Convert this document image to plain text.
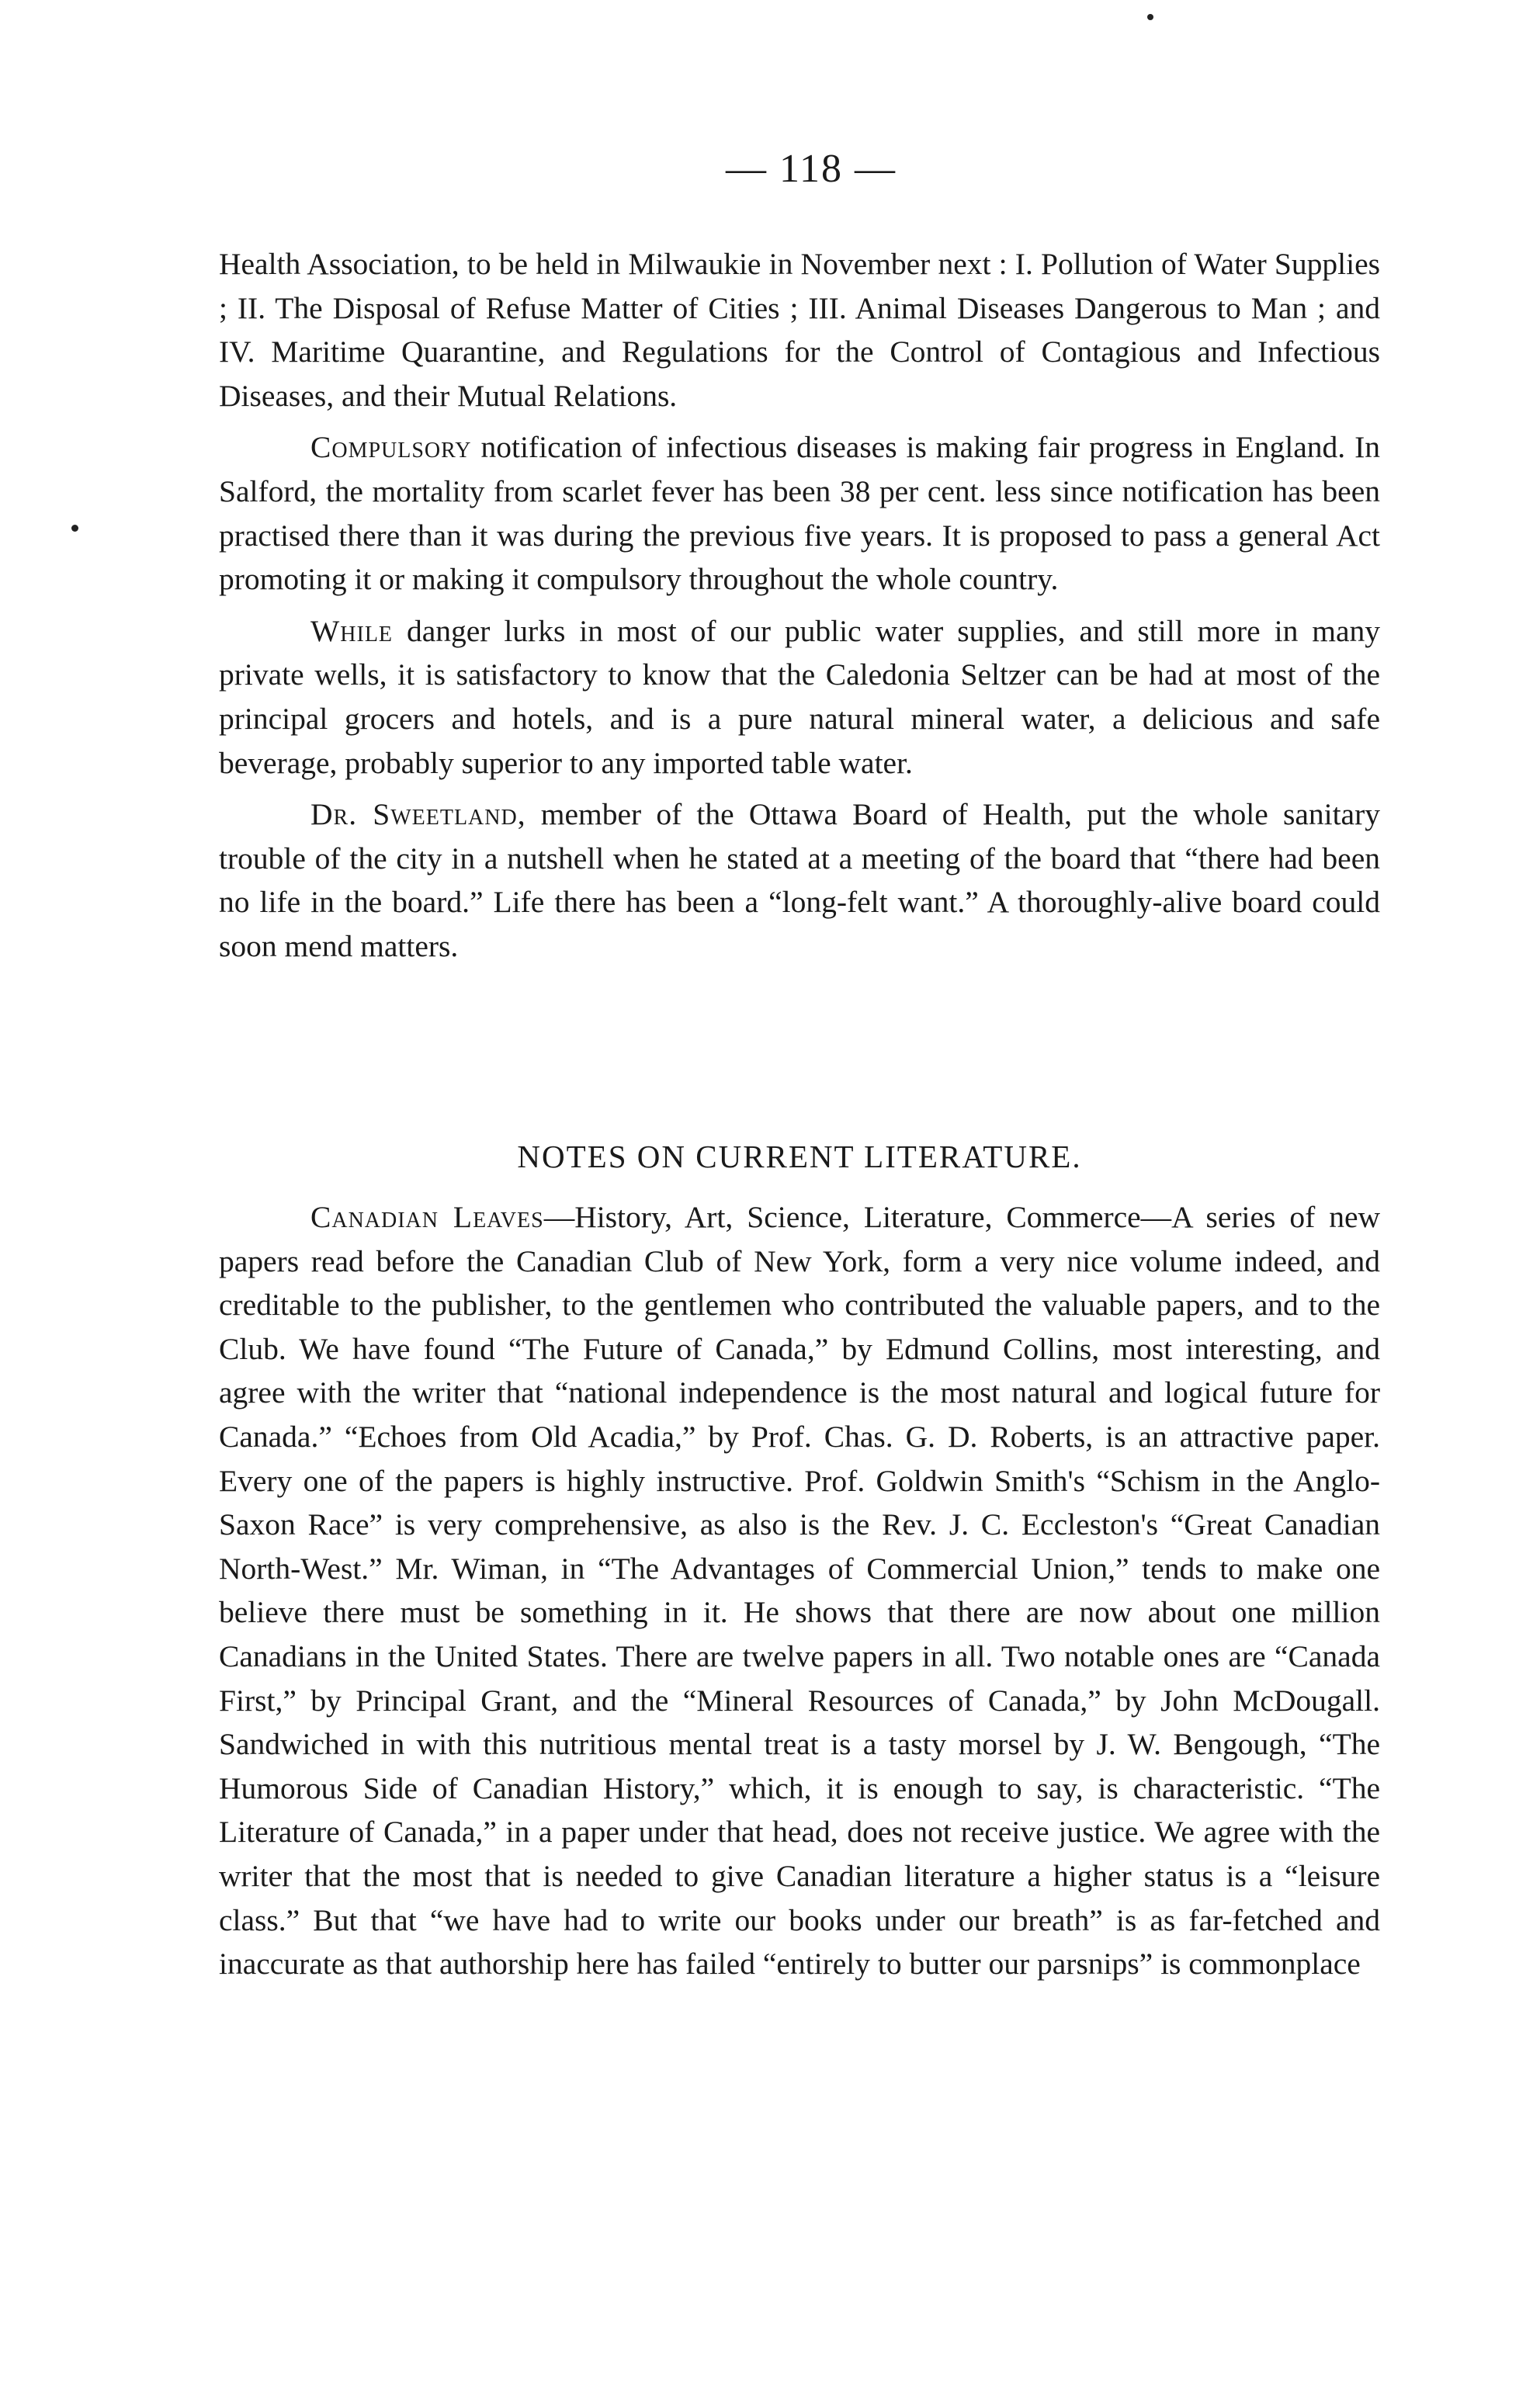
— 118 —

Health Association, to be held in Milwaukie in November next : I. Pollution of Water Supplies ; II. The Disposal of Refuse Matter of Cities ; III. Animal Diseases Dangerous to Man ; and IV. Maritime Quarantine, and Regulations for the Control of Contagious and Infectious Diseases, and their Mutual Relations.

Compulsory notification of infectious diseases is making fair progress in England. In Salford, the mortality from scarlet fever has been 38 per cent. less since notification has been practised there than it was during the previous five years. It is proposed to pass a general Act promoting it or making it compulsory throughout the whole country.

While danger lurks in most of our public water supplies, and still more in many private wells, it is satisfactory to know that the Caledonia Seltzer can be had at most of the principal grocers and hotels, and is a pure natural mineral water, a delicious and safe beverage, probably superior to any imported table water.

Dr. Sweetland, member of the Ottawa Board of Health, put the whole sanitary trouble of the city in a nutshell when he stated at a meeting of the board that “there had been no life in the board.” Life there has been a “long-felt want.” A thoroughly-alive board could soon mend matters.

NOTES ON CURRENT LITERATURE.

Canadian Leaves—History, Art, Science, Literature, Commerce—A series of new papers read before the Canadian Club of New York, form a very nice volume indeed, and creditable to the publisher, to the gentlemen who contributed the valuable papers, and to the Club. We have found “The Future of Canada,” by Edmund Collins, most interesting, and agree with the writer that “national independence is the most natural and logical future for Canada.” “Echoes from Old Acadia,” by Prof. Chas. G. D. Roberts, is an attractive paper. Every one of the papers is highly instructive. Prof. Goldwin Smith's “Schism in the Anglo-Saxon Race” is very comprehensive, as also is the Rev. J. C. Eccleston's “Great Canadian North-West.” Mr. Wiman, in “The Advantages of Commercial Union,” tends to make one believe there must be something in it. He shows that there are now about one million Canadians in the United States. There are twelve papers in all. Two notable ones are “Canada First,” by Principal Grant, and the “Mineral Resources of Canada,” by John McDougall. Sandwiched in with this nutritious mental treat is a tasty morsel by J. W. Bengough, “The Humorous Side of Canadian History,” which, it is enough to say, is characteristic. “The Literature of Canada,” in a paper under that head, does not receive justice. We agree with the writer that the most that is needed to give Canadian literature a higher status is a “leisure class.” But that “we have had to write our books under our breath” is as far-fetched and inaccurate as that authorship here has failed “entirely to butter our parsnips” is commonplace
